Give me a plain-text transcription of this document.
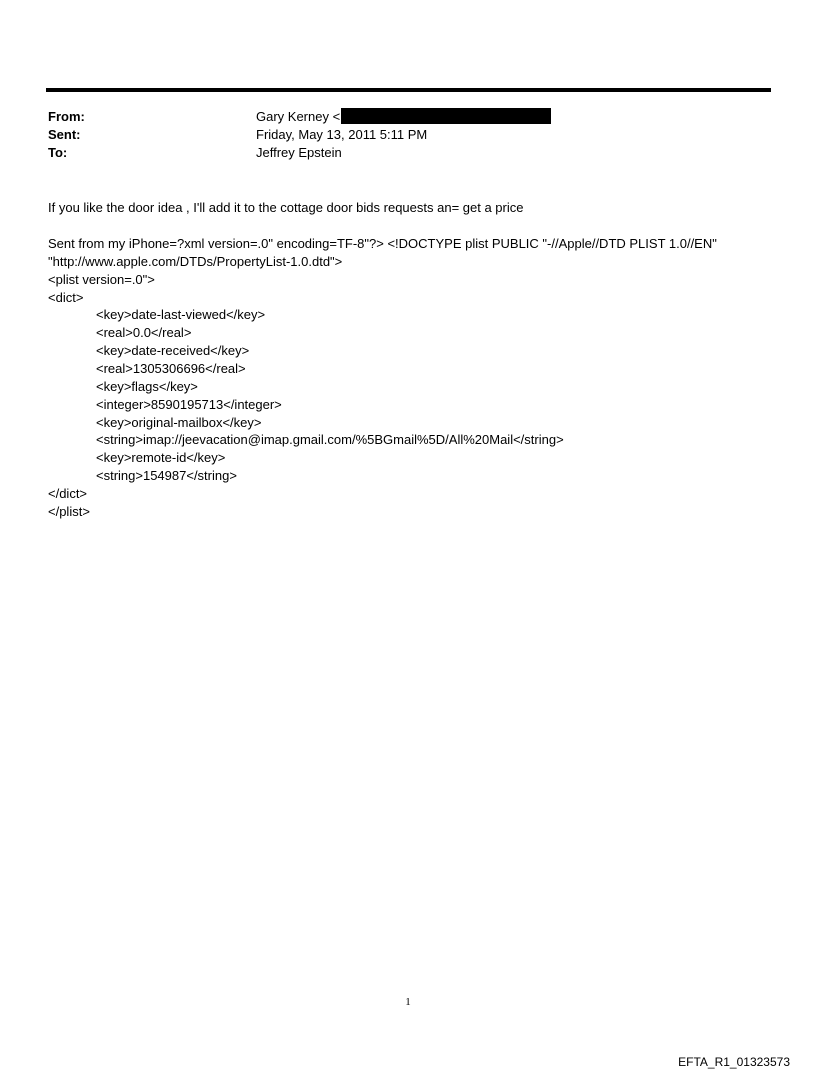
From:	Gary Kerney <
Sent:	Friday, May 13, 2011 5:11 PM
To:	Jeffrey Epstein
If you like the door idea , I'll add it to the cottage door bids requests an= get a price
Sent from my iPhone=?xml version=.0" encoding=TF-8"?> <!DOCTYPE plist PUBLIC "-//Apple//DTD PLIST 1.0//EN"
"http://www.apple.com/DTDs/PropertyList-1.0.dtd">
<plist version=.0">
<dict>
<key>date-last-viewed</key>
<real>0.0</real>
<key>date-received</key>
<real>1305306696</real>
<key>flags</key>
<integer>8590195713</integer>
<key>original-mailbox</key>
<string>imap://jeevacation@imap.gmail.com/%5BGmail%5D/All%20Mail</string>
<key>remote-id</key>
<string>154987</string>
</dict>
</plist>
1
EFTA_R1_01323573
